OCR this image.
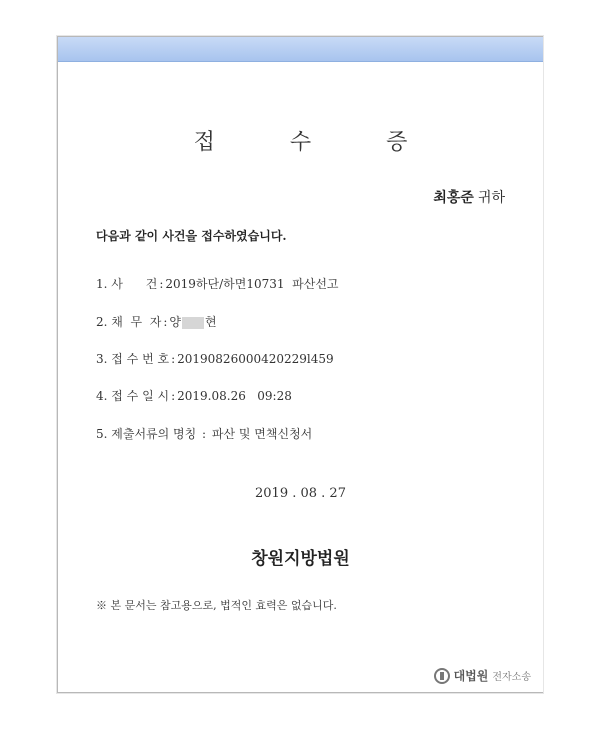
접 수 증
최홍준 귀하
다음과 같이 사건을 접수하였습니다.
1. 사      건 : 2019하단/하면10731  파산선고
2. 채  무  자 : 양 현
3. 접 수 번 호 : 20190826000420229l459
4. 접 수 일 시 : 2019.08.26   09:28
5. 제출서류의 명칭 : 파산 및 면책신청서
2019 . 08 . 27
창원지방법원
※ 본 문서는 참고용으로, 법적인 효력은 없습니다.
대법원 전자소송
